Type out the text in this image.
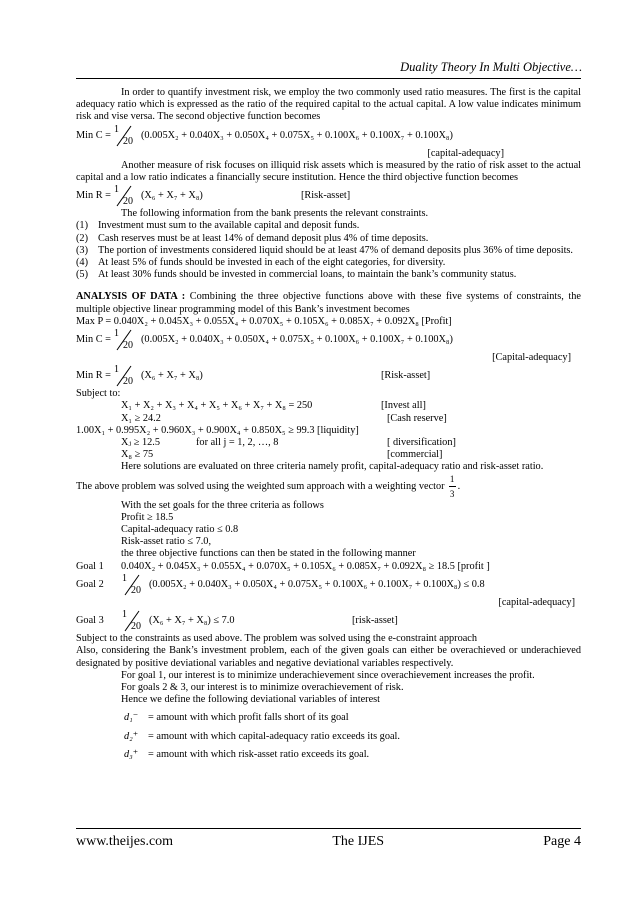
Duality Theory In Multi Objective…

In order to quantify investment risk, we employ the two commonly used ratio measures. The first is the capital adequacy ratio which is expressed as the ratio of the required capital to the actual capital. A low value indicates minimum risk and vise versa. The second objective function becomes

Min C =
1
20
(0.005X₂ + 0.040X₃ + 0.050X₄ + 0.075X₅ + 0.100X₆ + 0.100X₇ + 0.100X₈)
[capital-adequacy]

Another measure of risk focuses on illiquid risk assets which is measured by the ratio of risk asset to the actual capital and a low ratio indicates a financially secure institution. Hence the third objective function becomes

Min R =
1
20
(X₆ + X₇ + X₈)	[Risk-asset]

The following information from the bank presents the relevant constraints.

(1) Investment must sum to the available capital and deposit funds.
(2) Cash reserves must be at least 14% of demand deposit plus 4% of time deposits.
(3) The portion of investments considered liquid should be at least 47% of demand deposits plus 36% of time deposits.
(4) At least 5% of funds should be invested in each of the eight categories, for diversity.
(5) At least 30% funds should be invested in commercial loans, to maintain the bank’s community status.

ANALYSIS OF DATA : Combining the three objective functions above with these five systems of constraints, the multiple objective linear programming model of this Bank’s investment becomes

Max P = 0.040X₂ + 0.045X₃ + 0.055X₄ + 0.070X₅ + 0.105X₆ + 0.085X₇ + 0.092X₈ [Profit]
Min C =
1
20
(0.005X₂ + 0.040X₃ + 0.050X₄ + 0.075X₅ + 0.100X₆ + 0.100X₇ + 0.100X₈)
[Capital-adequacy]
Min R =
1
20
(X₆ + X₇ + X₈)	[Risk-asset]
Subject to:
X₁ + X₂ + X₃ + X₄ + X₅ + X₆ + X₇ + X₈ = 250	[Invest all]
X₁ ≥ 24.2	[Cash reserve]
1.00X₁ + 0.995X₂ + 0.960X₃ + 0.900X₄ + 0.850X₅ ≥ 99.3 [liquidity]
Xⱼ ≥ 12.5	for all j = 1, 2, …, 8	[ diversification]
X₈ ≥ 75	[commercial]

Here solutions are evaluated on three criteria namely profit, capital-adequacy ratio and risk-asset ratio.

The above problem was solved using the weighted sum approach with a weighting vector
1
3
.

With the set goals for the three criteria as follows

Profit ≥ 18.5
Capital-adequacy ratio ≤ 0.8
Risk-asset ratio ≤ 7.0,
the three objective functions can then be stated in the following manner
Goal 1	0.040X₂ + 0.045X₃ + 0.055X₄ + 0.070X₅ + 0.105X₆ + 0.085X₇ + 0.092X₈ ≥ 18.5 [profit ]
Goal 2
1
20
(0.005X₂ + 0.040X₃ + 0.050X₄ + 0.075X₅ + 0.100X₆ + 0.100X₇ + 0.100X₈) ≤ 0.8
[capital-adequacy]
Goal 3
1
20
(X₆ + X₇ + X₈) ≤ 7.0	[risk-asset]

Subject to the constraints as used above. The problem was solved using the e-constraint approach

Also, considering the Bank’s investment problem, each of the given goals can either be overachieved or underachieved designated by positive deviational variables and negative deviational variables respectively.

For goal 1, our interest is to minimize underachievement since overachievement increases the profit.

For goals 2 & 3, our interest is to minimize overachievement of risk.

Hence we define the following deviational variables of interest

d₁⁻ = amount with which profit falls short of its goal
d₂⁺ = amount with which capital-adequacy ratio exceeds its goal.
d₃⁺ = amount with which risk-asset ratio exceeds its goal.
www.theijes.com	The IJES	Page 4
